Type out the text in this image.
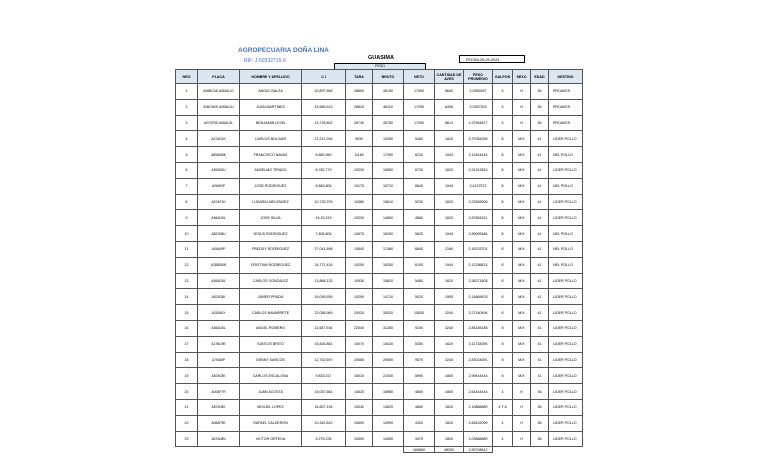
AGROPECUARIA DOÑA LINA
RIF: J-50332715-0	GUASIMA
PESO
FECHA:26-09-2024
NRO	PLACA	NOMBRE Y APELLIDO	C.I	TARA	BRUTO	NETO	CANTIDAD DE AVES	PESO PROMEDIO	GALPON	SEXO	EDAD	DESTINO
1	A06BG4D A06AU1G	ANGEL BALZA	20,897,569	28600	46190	17590	8640	2.0359267	5	H	36	PROAVES
2	A06CN0H A06AU1U	JUAN MARTINEZ	15,585,613	28820	46110	17290	8496	2.0357303	5	H	36	PROAVES
3	A07GF6D A06AU1L	BENJAMIN LEON	15,716,802	28730	45780	17050	8613	1.97954877	5	H	36	PROAVES
4	A37AD1K	CARLOS BOLIVAR	21,212,934	9930	15390	5460	1620	3.37084259	8	M/X	41	LIDER POLLO
5	A89AM8K	FRANCISCO NAVAS	6,882,960	11180	17390	6210	1944	3.19444444	8	M/X	41	NEL POLLO
6	A55J6SU	ANSELMO TIRADO	8,782,779	10230	16950	6720	1620	2.91313815	8	M/X	41	LIDER POLLO
7	A26W0P	JOSE RODRIGUEZ	8,883,806	10170	16710	6640	1944	3.4127572	8	M/X	41	NEL POLLO
8	A37AF1K	LUDARIU MELENDEZ	10,733,703	10380	15610	5230	1620	3.22839506	8	M/X	41	LIDER POLLO
9	A36AG6L	JOSE SILVA	16,29,319	10230	14890	4660	1620	2.87654321	8	M/X	41	LIDER POLLO
10	A82JN5U	JESUS RODRIGUEZ	7,805,806	10670	16290	5620	1944	2.89095484	8	M/X	41	NEL POLLO
11	A06AI9P	FREDDY RODRIGUEZ	27,041,698	10640	17480	6840	2160	3.16703701	8	M/X	41	NEL POLLO
12	A28BS6W	CRISTIAN RODRIGUEZ	24,771,416	10250	16350	6100	1944	3.13786874	8	M/X	41	NEL POLLO
13	A36AG6L	CARLOS GONZALEZ	13,868,132	10930	15810	5480	1620	3.38271605	8	M/X	41	LIDER POLLO
14	A87A03K	JAVIER PRADA	16,099,939	10290	14710	5020	1595	3.14869878	8	M/X	41	LIDER POLLO
15	A25J6KX	CARLOS NAVARRETE	22,058,969	20020	30020	10630	3240	3.27160494	8	M/X	41	LIDER POLLO
16	A36AG6L	ANGEL ROMERO	11,687,916	22040	31280	9240	3240	2.85185185	8	M/X	41	LIDER POLLO
17	A17BU9E	SANTOS BRITO	16,826,861	10070	15420	5350	1620	3.11728395	8	M/X	41	LIDER POLLO
18	A79A8IP	DENNY SARCOS	12,752,697	20580	29550	9570	3240	2.83024691	8	M/X	41	LIDER POLLO
19	A87A03K	CARLOS ESCALONA	9,833,317	16010	21030	5990	1800	2.99444444	8	M/X	41	LIDER POLLO
20	A00AF7R	JUAN ACOSTA	15,057,661	14620	18980	4660	1800	2.64444444	4	H	36	LIDER POLLO
21	A87A03K	MIGUEL LOPEZ	16,657,194	10040	13820	4660	1620	2.15888889	4 Y 8	H	36	LIDER POLLO
22	A06AF9E	RAFAEL CALDERON	10,342,810	10690	13990	4300	1620	2.65432099	4	H	36	LIDER POLLO
23	A67A08N	VICTOR ORTEGA	5,275,228	10590	14060	3470	1800	2.03888889	4	H	36	LIDER POLLO
						166880	48250	2.55708812				
